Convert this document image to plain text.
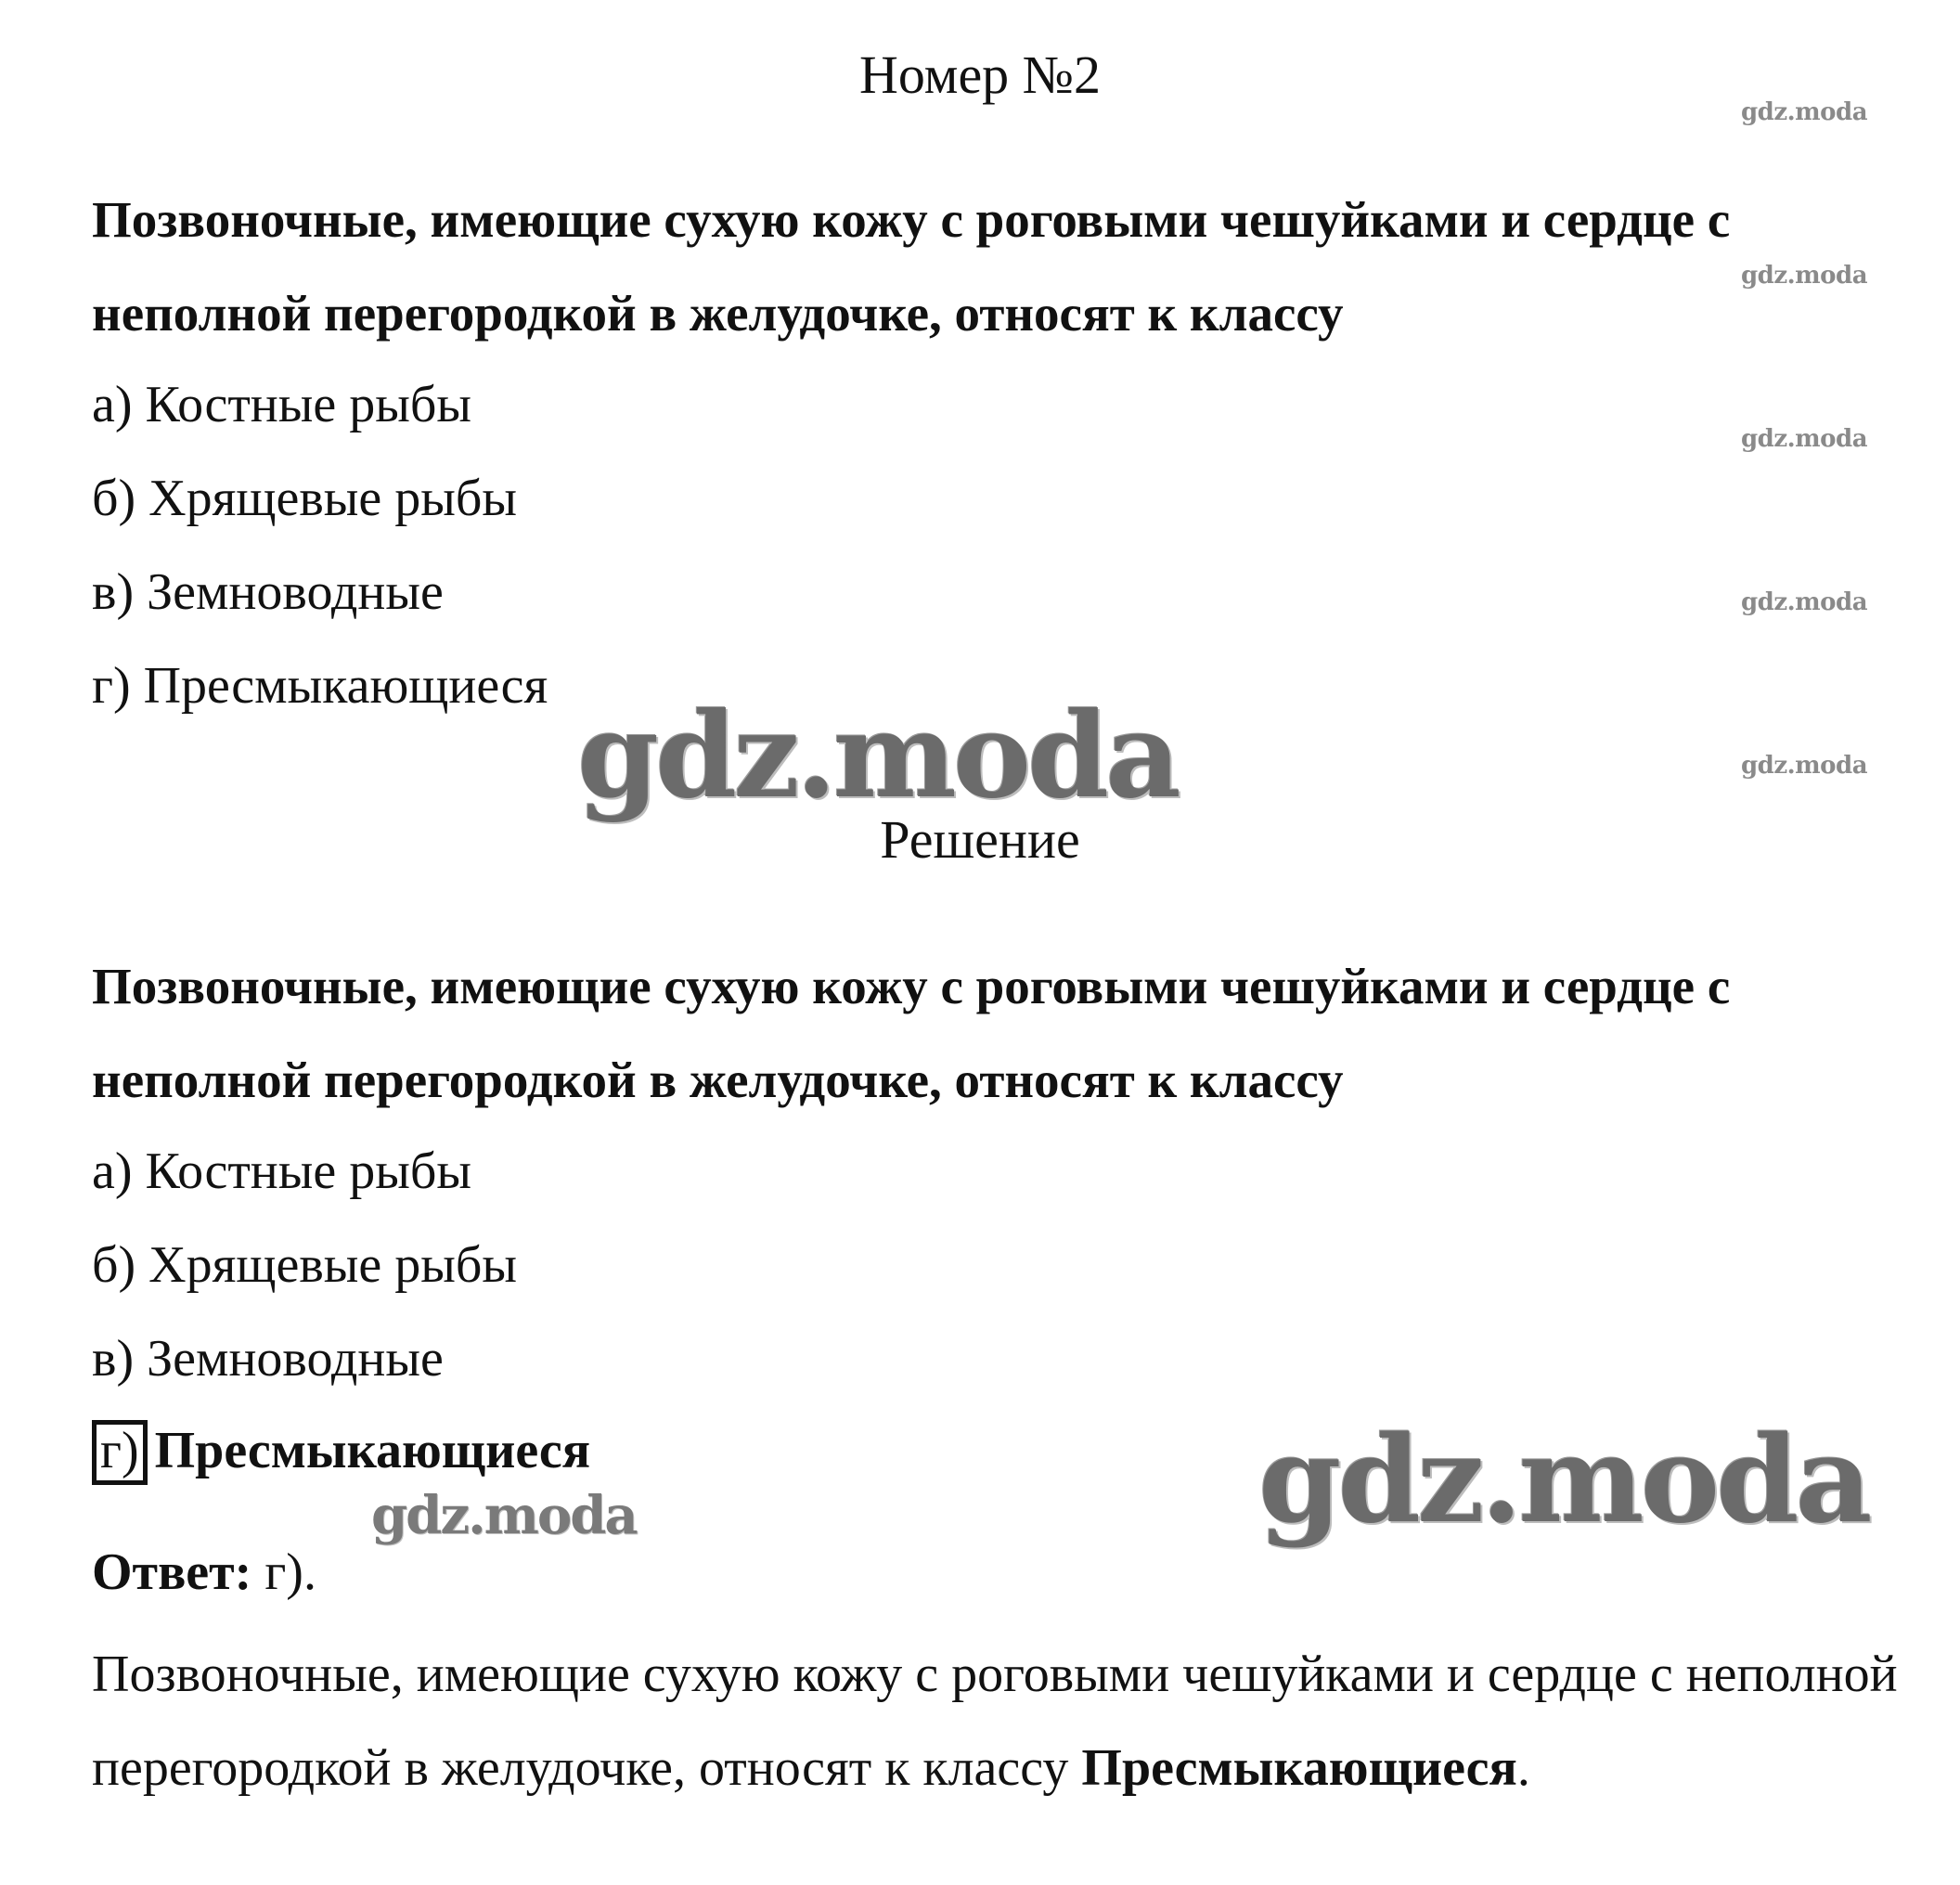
gdz.moda
gdz.moda
gdz.moda
gdz.moda
gdz.moda
Номер №2
Позвоночные, имеющие сухую кожу с роговыми чешуйками и сердце с неполной перегородкой в желудочке, относят к классу
а) Костные рыбы
б) Хрящевые рыбы
в) Земноводные
г) Пресмыкающиеся
gdz.moda
Решение
Позвоночные, имеющие сухую кожу с роговыми чешуйками и сердце с неполной перегородкой в желудочке, относят к классу
а) Костные рыбы
б) Хрящевые рыбы
в) Земноводные
г) Пресмыкающиеся
gdz.moda	gdz.moda
Ответ: г).
Позвоночные, имеющие сухую кожу с роговыми чешуйками и сердце с неполной перегородкой в желудочке, относят к классу Пресмыкающиеся.
